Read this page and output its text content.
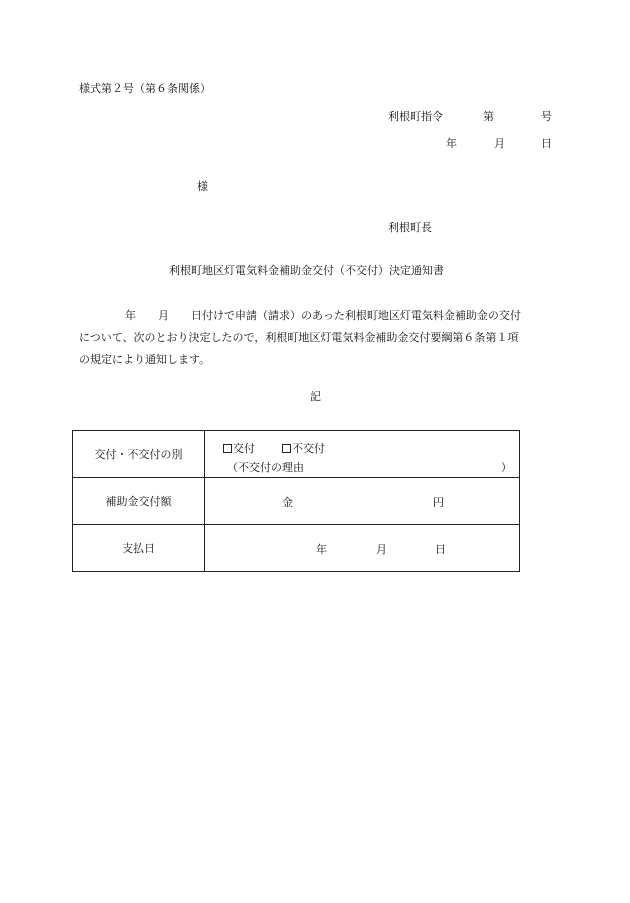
様式第２号（第６条関係）
利根町指令	第	号
年	月	日
様
利根町長
利根町地区灯電気料金補助金交付（不交付）決定通知書
年　　月　　日付けで申請（請求）のあった利根町地区灯電気料金補助金の交付
について、次のとおり決定したので，利根町地区灯電気料金補助金交付要綱第６条第１項
の規定により通知します。
記
交付・不交付の別	交付 不交付
（不交付の理由 ）

補助金交付額	金 円

支払日	年 月 日
